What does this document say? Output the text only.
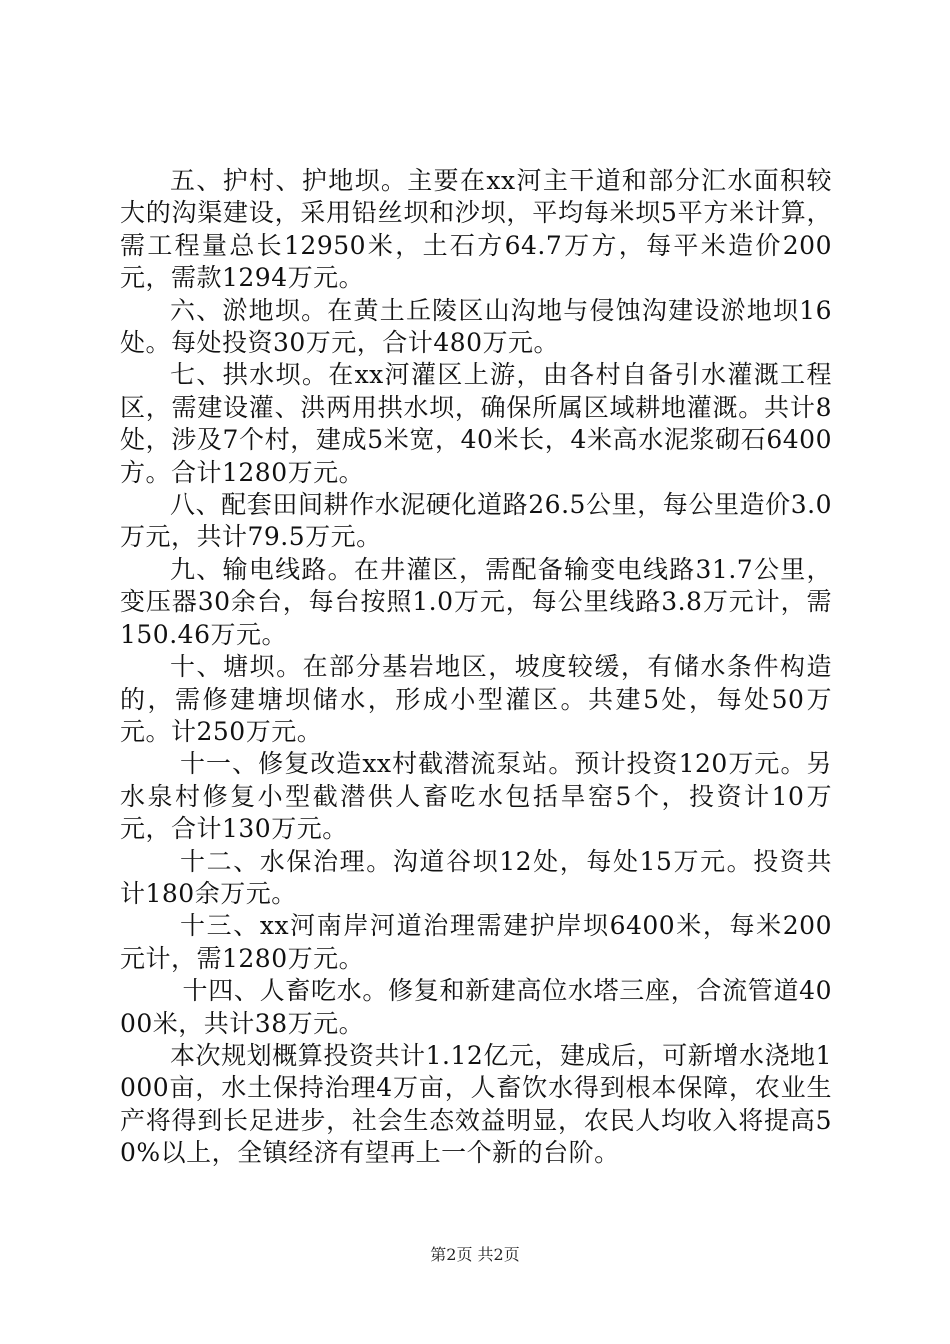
五、护村、护地坝。主要在xx河主干道和部分汇水面积较大的沟渠建设，采用铅丝坝和沙坝，平均每米坝5平方米计算，需工程量总长12950米，土石方64.7万方，每平米造价200元，需款1294万元。

六、淤地坝。在黄土丘陵区山沟地与侵蚀沟建设淤地坝16处。每处投资30万元，合计480万元。

七、拱水坝。在xx河灌区上游，由各村自备引水灌溉工程区，需建设灌、洪两用拱水坝，确保所属区域耕地灌溉。共计8处，涉及7个村，建成5米宽，40米长，4米高水泥浆砌石6400方。合计1280万元。

八、配套田间耕作水泥硬化道路26.5公里，每公里造价3.0万元，共计79.5万元。

九、输电线路。在井灌区，需配备输变电线路31.7公里，变压器30余台，每台按照1.0万元，每公里线路3.8万元计，需150.46万元。

十、塘坝。在部分基岩地区，坡度较缓，有储水条件构造的，需修建塘坝储水，形成小型灌区。共建5处，每处50万元。计250万元。

十一、修复改造xx村截潜流泵站。预计投资120万元。另水泉村修复小型截潜供人畜吃水包括旱窑5个，投资计10万元，合计130万元。

十二、水保治理。沟道谷坝12处，每处15万元。投资共计180余万元。

十三、xx河南岸河道治理需建护岸坝6400米，每米200元计，需1280万元。

十四、人畜吃水。修复和新建高位水塔三座，合流管道4000米，共计38万元。

本次规划概算投资共计1.12亿元，建成后，可新增水浇地1000亩，水土保持治理4万亩，人畜饮水得到根本保障，农业生产将得到长足进步，社会生态效益明显，农民人均收入将提高50%以上，全镇经济有望再上一个新的台阶。

第2页 共2页
